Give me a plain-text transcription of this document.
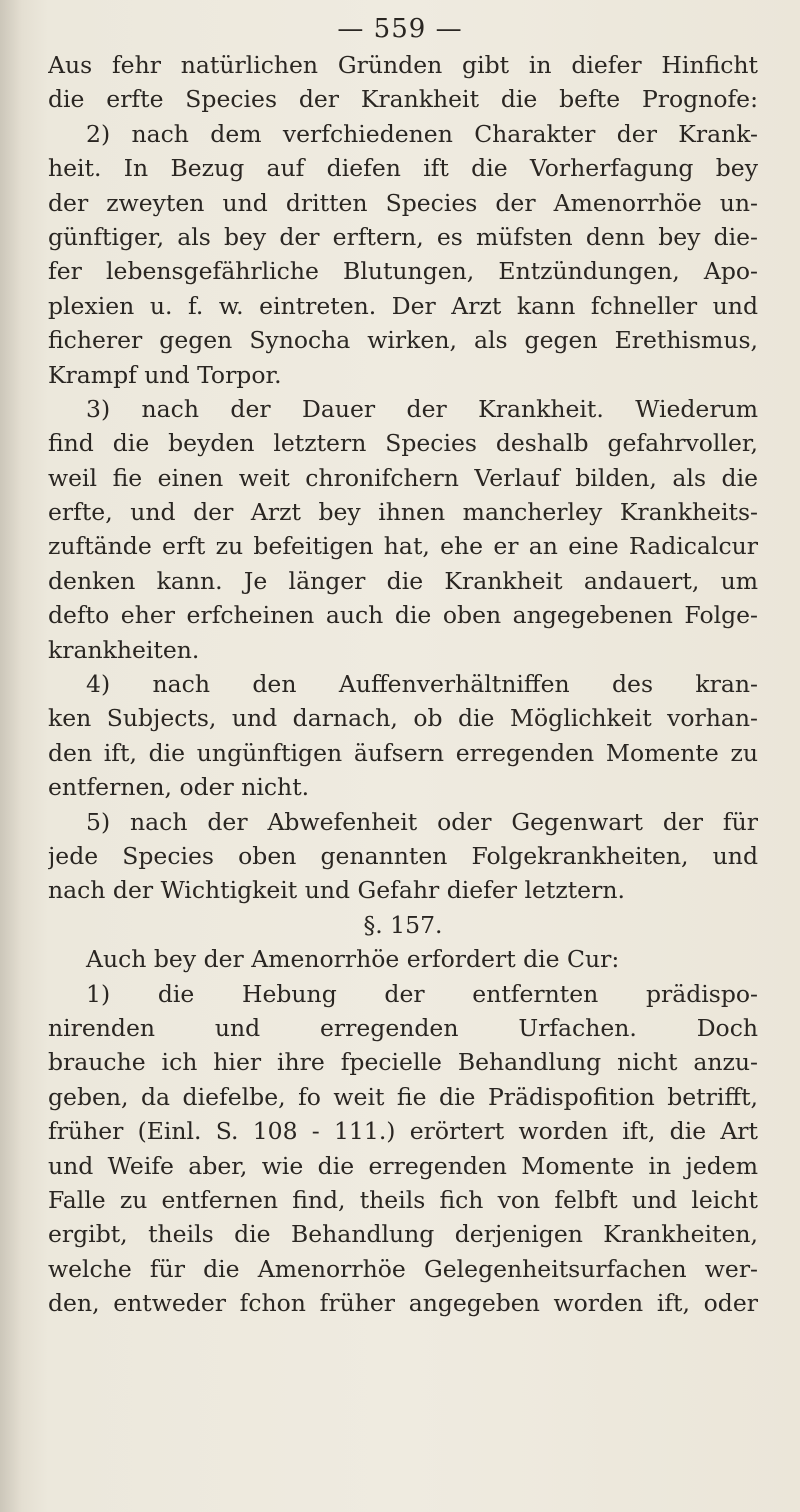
— 559 —
Aus fehr natürlichen Gründen gibt in diefer Hinficht
die erfte Species der Krankheit die befte Prognofe:
2) nach dem verfchiedenen Charakter der Krank-
heit. In Bezug auf diefen ift die Vorherfagung bey
der zweyten und dritten Species der Amenorrhöe un-
günftiger, als bey der erftern, es müfsten denn bey die-
fer lebensgefährliche Blutungen, Entzündungen, Apo-
plexien u. f. w. eintreten. Der Arzt kann fchneller und
ficherer gegen Synocha wirken, als gegen Erethismus,
Krampf und Torpor.
3) nach der Dauer der Krankheit. Wiederum
find die beyden letztern Species deshalb gefahrvoller,
weil fie einen weit chronifchern Verlauf bilden, als die
erfte, und der Arzt bey ihnen mancherley Krankheits-
zuftände erft zu befeitigen hat, ehe er an eine Radicalcur
denken kann. Je länger die Krankheit andauert, um
defto eher erfcheinen auch die oben angegebenen Folge-
krankheiten.
4) nach den Auffenverhältniffen des kran-
ken Subjects, und darnach, ob die Möglichkeit vorhan-
den ift, die ungünftigen äufsern erregenden Momente zu
entfernen, oder nicht.
5) nach der Abwefenheit oder Gegenwart der für
jede Species oben genannten Folgekrankheiten, und
nach der Wichtigkeit und Gefahr diefer letztern.
§. 157.
Auch bey der Amenorrhöe erfordert die Cur:
1) die Hebung der entfernten prädispo-
nirenden und erregenden Urfachen. Doch
brauche ich hier ihre fpecielle Behandlung nicht anzu-
geben, da diefelbe, fo weit fie die Prädispofition betrifft,
früher (Einl. S. 108 - 111.) erörtert worden ift, die Art
und Weife aber, wie die erregenden Momente in jedem
Falle zu entfernen find, theils fich von felbft und leicht
ergibt, theils die Behandlung derjenigen Krankheiten,
welche für die Amenorrhöe Gelegenheitsurfachen wer-
den, entweder fchon früher angegeben worden ift, oder
